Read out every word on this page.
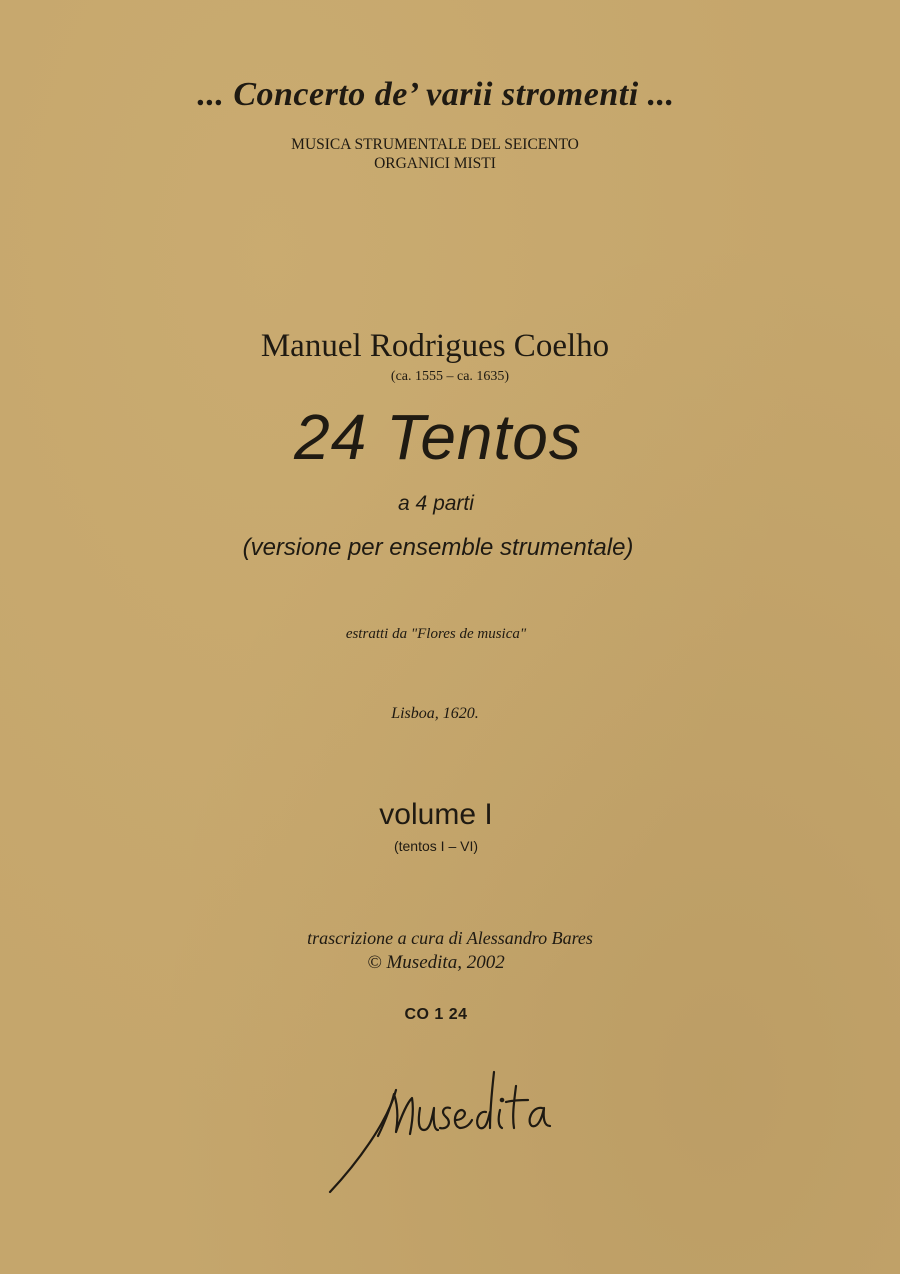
... Concerto de’ varii stromenti ...
MUSICA STRUMENTALE DEL SEICENTO
ORGANICI MISTI
Manuel Rodrigues Coelho
(ca. 1555 – ca. 1635)
24 Tentos
a 4 parti
(versione per ensemble strumentale)
estratti da "Flores de musica"
Lisboa, 1620.
volume I
(tentos I – VI)
trascrizione a cura di Alessandro Bares
© Musedita, 2002
CO 1 24
